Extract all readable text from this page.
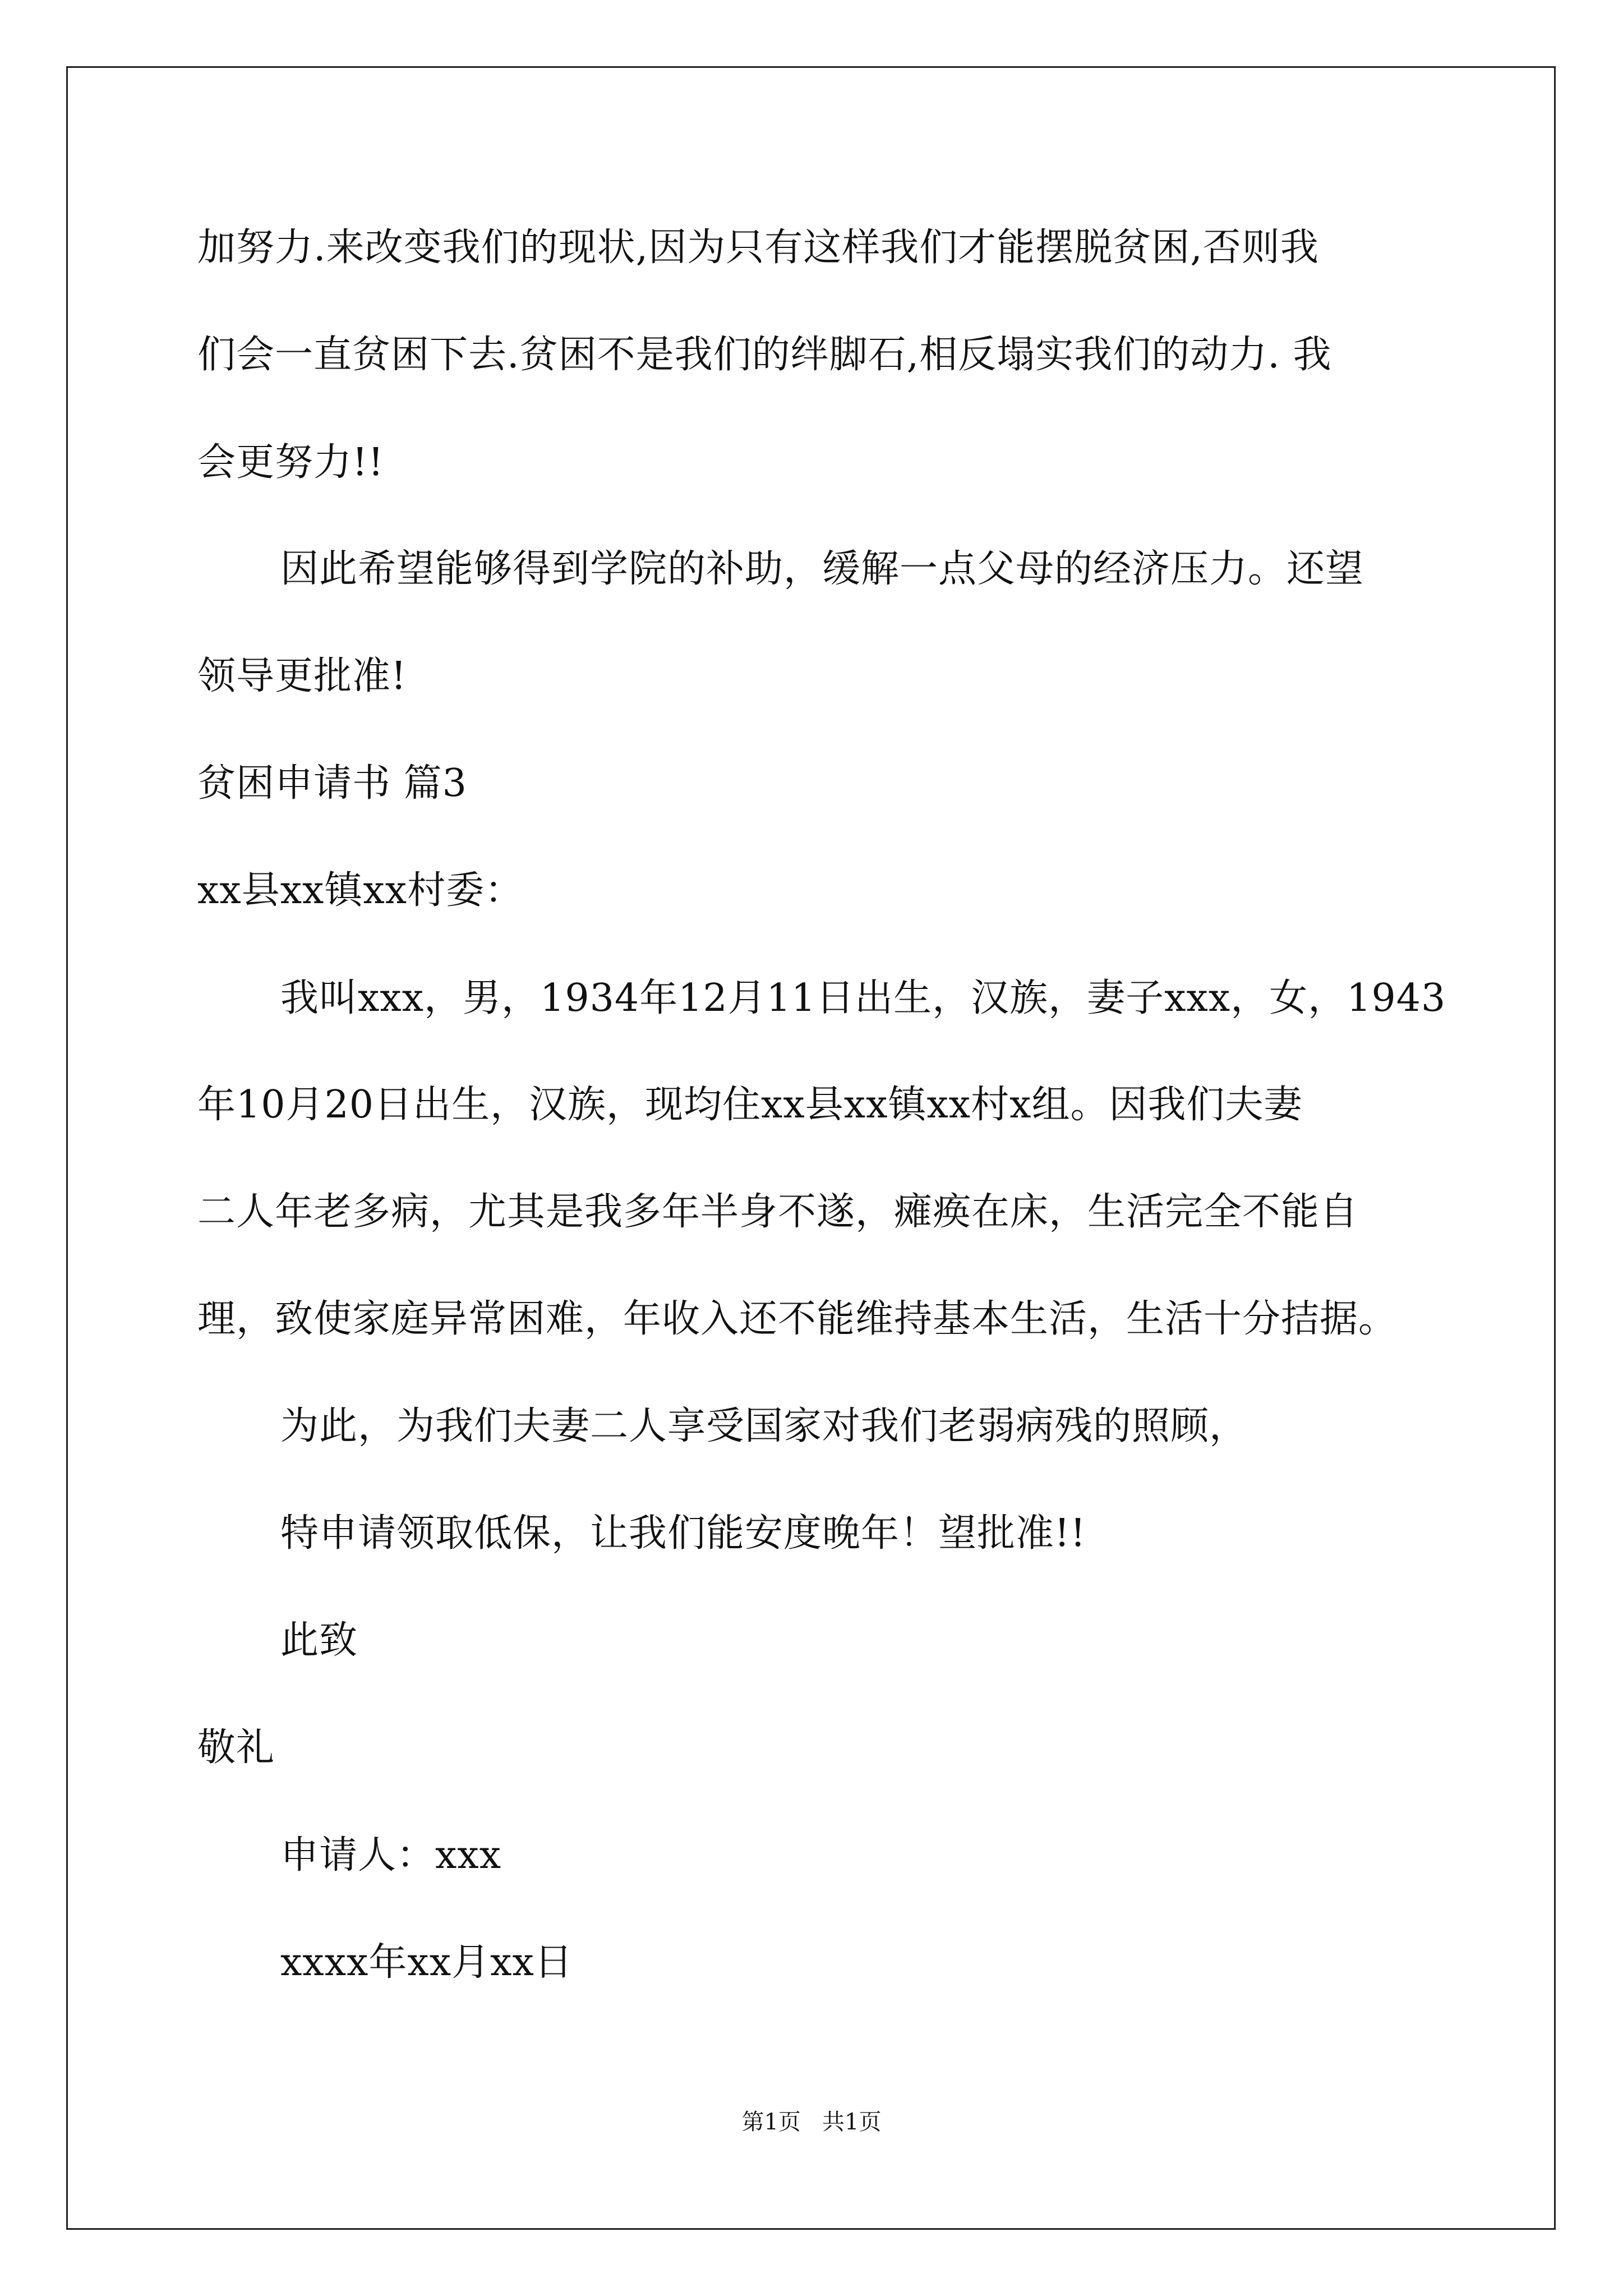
加努力.来改变我们的现状,因为只有这样我们才能摆脱贫困,否则我
们会一直贫困下去.贫困不是我们的绊脚石,相反塌实我们的动力. 我
会更努力!!
因此希望能够得到学院的补助，缓解一点父母的经济压力。还望
领导更批准!
贫困申请书 篇3
xx县xx镇xx村委：
我叫xxx，男，1934年12月11日出生，汉族，妻子xxx，女，1943
年10月20日出生，汉族，现均住xx县xx镇xx村x组。因我们夫妻
二人年老多病，尤其是我多年半身不遂，瘫痪在床，生活完全不能自
理，致使家庭异常困难，年收入还不能维持基本生活，生活十分拮据。
为此，为我们夫妻二人享受国家对我们老弱病残的照顾，
特申请领取低保，让我们能安度晚年！望批准!!
此致
敬礼
申请人：xxx
xxxx年xx月xx日
第1页   共1页
